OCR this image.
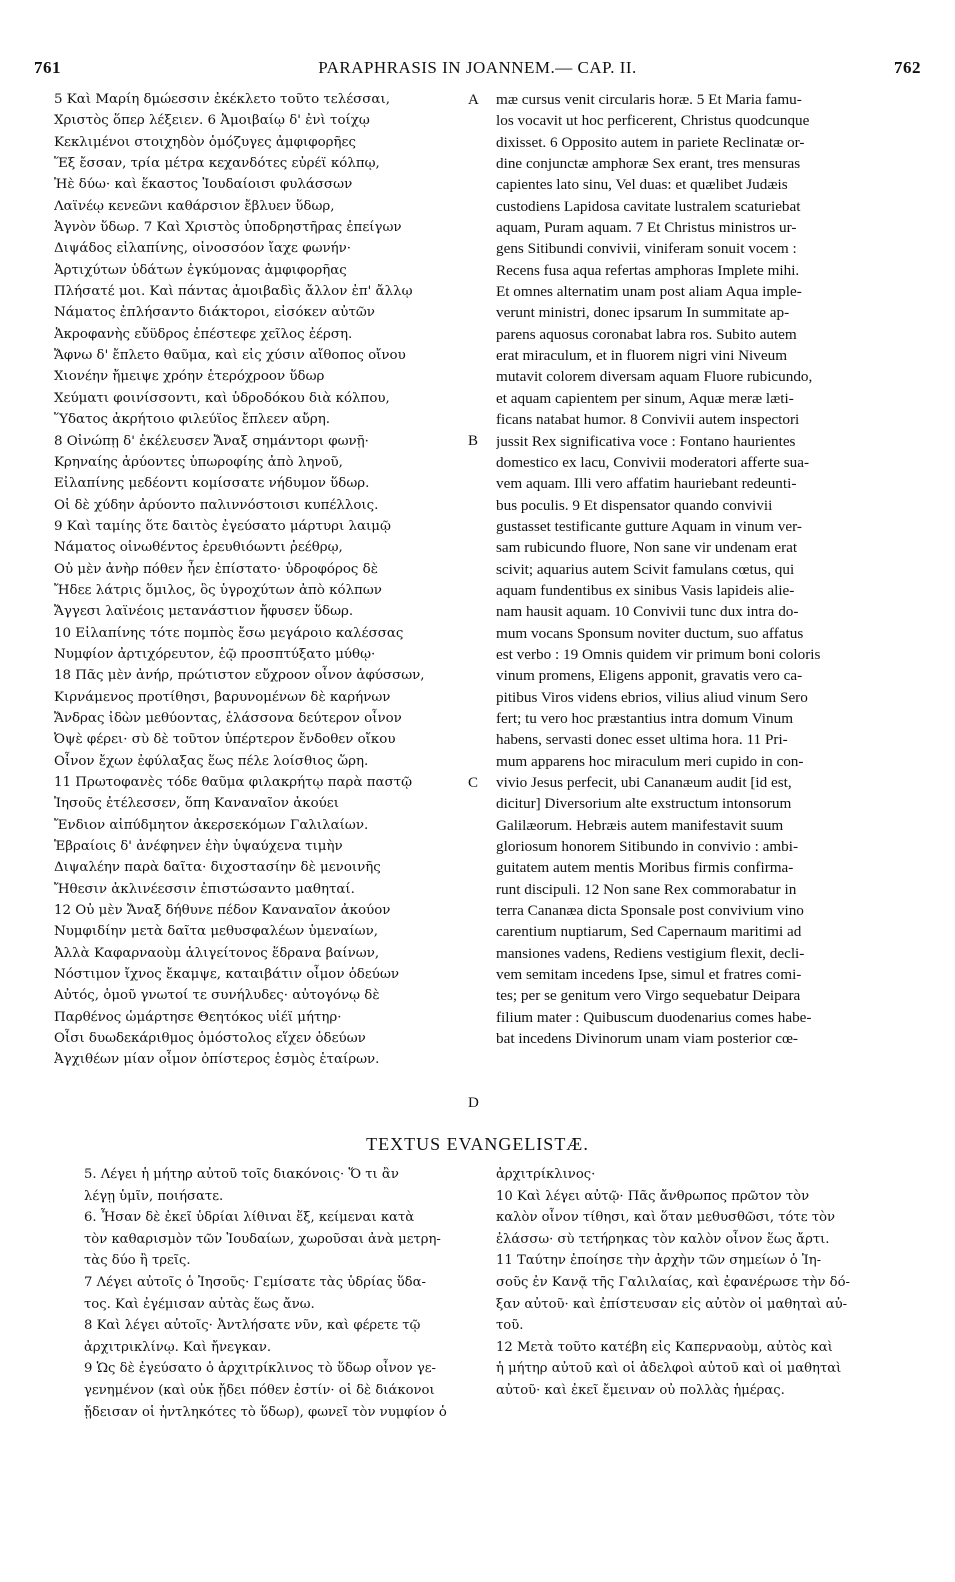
761	PARAPHRASIS IN JOANNEM.— CAP. II.	762
5 Καὶ Μαρίη δμώεσσιν ἐκέκλετο τοῦτο τελέσσαι,
Χριστὸς ὅπερ λέξειεν. 6 Ἀμοιβαίῳ δ' ἐνὶ τοίχῳ
Κεκλιμένοι στοιχηδὸν ὁμόζυγες ἀμφιφορῆες
Ἕξ ἔσσαν, τρία μέτρα κεχανδότες εὐρέϊ κόλπῳ,
Ἠὲ δύω· καὶ ἕκαστος Ἰουδαίοισι φυλάσσων
Λαϊνέῳ κενεῶνι καθάρσιον ἔβλυεν ὕδωρ,
Ἁγνὸν ὕδωρ. 7 Καὶ Χριστὸς ὑποδρηστῆρας ἐπείγων
Διψάδος εἰλαπίνης, οἰνοσσόον ἴαχε φωνήν·
Ἀρτιχύτων ὑδάτων ἐγκύμονας ἀμφιφορῆας
Πλήσατέ μοι. Καὶ πάντας ἀμοιβαδὶς ἄλλον ἐπ' ἄλλῳ
Νάματος ἐπλήσαντο διάκτοροι, εἰσόκεν αὐτῶν
Ἀκροφανὴς εὔϋδρος ἐπέστεφε χεῖλος ἐέρση.
Ἄφνω δ' ἔπλετο θαῦμα, καὶ εἰς χύσιν αἴθοπος οἴνου
Χιονέην ἤμειψε χρόην ἑτερόχροον ὕδωρ
Χεύματι φοινίσσοντι, καὶ ὑδροδόκου διὰ κόλπου,
Ὕδατος ἀκρήτοιο φιλεύϊος ἔπλεεν αὔρη.
8 Οἰνώπῃ δ' ἐκέλευσεν Ἄναξ σημάντορι φωνῇ·
Κρηναίης ἀρύοντες ὑπωροφίης ἀπὸ ληνοῦ,
Εἰλαπίνης μεδέοντι κομίσσατε νήδυμον ὕδωρ.
Οἱ δὲ χύδην ἀρύοντο παλιννόστοισι κυπέλλοις.
9 Καὶ ταμίης ὅτε δαιτὸς ἐγεύσατο μάρτυρι λαιμῷ
Νάματος οἰνωθέντος ἐρευθιόωντι ῥεέθρῳ,
Οὐ μὲν ἀνὴρ πόθεν ἦεν ἐπίστατο· ὑδροφόρος δὲ
Ἤδεε λάτρις ὅμιλος, ὃς ὑγροχύτων ἀπὸ κόλπων
Ἄγγεσι λαϊνέοις μετανάστιον ἤφυσεν ὕδωρ.
10 Εἰλαπίνης τότε πομπὸς ἔσω μεγάροιο καλέσσας
Νυμφίον ἀρτιχόρευτον, ἑῷ προσπτύξατο μύθῳ·
18 Πᾶς μὲν ἀνήρ, πρώτιστον εὔχροον οἶνον ἀφύσσων,
Κιρνάμενος προτίθησι, βαρυνομένων δὲ καρήνων
Ἄνδρας ἰδὼν μεθύοντας, ἐλάσσονα δεύτερον οἶνον
Ὀψὲ φέρει· σὺ δὲ τοῦτον ὑπέρτερον ἔνδοθεν οἴκου
Οἶνον ἔχων ἐφύλαξας ἕως πέλε λοίσθιος ὥρη.
11 Πρωτοφανὲς τόδε θαῦμα φιλακρήτῳ παρὰ παστῷ
Ἰησοῦς ἐτέλεσσεν, ὅπη Καναναῖον ἀκούει
Ἔνδιον αἰπύδμητον ἀκερσεκόμων Γαλιλαίων.
Ἑβραίοις δ' ἀνέφηνεν ἑὴν ὑψαύχενα τιμὴν
Διψαλέην παρὰ δαῖτα· διχοστασίην δὲ μενοινῆς
Ἤθεσιν ἀκλινέεσσιν ἐπιστώσαντο μαθηταί.
12 Οὐ μὲν Ἄναξ δήθυνε πέδον Καναναῖον ἀκούον
Νυμφιδίην μετὰ δαῖτα μεθυσφαλέων ὑμεναίων,
Ἀλλὰ Καφαρναοὺμ ἁλιγείτονος ἕδρανα βαίνων,
Νόστιμον ἴχνος ἔκαμψε, καταιβάτιν οἶμον ὁδεύων
Αὐτός, ὁμοῦ γνωτοί τε συνήλυδες· αὐτογόνῳ δὲ
Παρθένος ὡμάρτησε Θεητόκος υἱέϊ μήτηρ·
Οἷσι δυωδεκάριθμος ὁμόστολος εἵχεν ὁδεύων
Ἀγχιθέων μίαν οἶμον ὀπίστερος ἑσμὸς ἑταίρων.
A
B
C
D
mæ cursus venit circularis horæ. 5 Et Maria famu-
los vocavit ut hoc perficerent, Christus quodcunque
dixisset. 6 Opposito autem in pariete Reclinatæ or-
dine conjunctæ amphoræ Sex erant, tres mensuras
capientes lato sinu, Vel duas: et quælibet Judæis
custodiens Lapidosa cavitate lustralem scaturiebat
aquam, Puram aquam. 7 Et Christus ministros ur-
gens Sitibundi convivii, viniferam sonuit vocem :
Recens fusa aqua refertas amphoras Implete mihi.
Et omnes alternatim unam post aliam Aqua imple-
verunt ministri, donec ipsarum In summitate ap-
parens aquosus coronabat labra ros. Subito autem
erat miraculum, et in fluorem nigri vini Niveum
mutavit colorem diversam aquam Fluore rubicundo,
et aquam capientem per sinum, Aquæ meræ læti-
ficans natabat humor. 8 Convivii autem inspectori
jussit Rex significativa voce : Fontano haurientes
domestico ex lacu, Convivii moderatori afferte sua-
vem aquam. Illi vero affatim hauriebant redeunti-
bus poculis. 9 Et dispensator quando convivii
gustasset testificante gutture Aquam in vinum ver-
sam rubicundo fluore, Non sane vir undenam erat
scivit; aquarius autem Scivit famulans cœtus, qui
aquam fundentibus ex sinibus Vasis lapideis alie-
nam hausit aquam. 10 Convivii tunc dux intra do-
mum vocans Sponsum noviter ductum, suo affatus
est verbo : 19 Omnis quidem vir primum boni coloris
vinum promens, Eligens apponit, gravatis vero ca-
pitibus Viros videns ebrios, vilius aliud vinum Sero
fert; tu vero hoc præstantius intra domum Vinum
habens, servasti donec esset ultima hora. 11 Pri-
mum apparens hoc miraculum meri cupido in con-
vivio Jesus perfecit, ubi Cananæum audit [id est,
dicitur] Diversorium alte exstructum intonsorum
Galilæorum. Hebræis autem manifestavit suum
gloriosum honorem Sitibundo in convivio : ambi-
guitatem autem mentis Moribus firmis confirma-
runt discipuli. 12 Non sane Rex commorabatur in
terra Cananæa dicta Sponsale post convivium vino
carentium nuptiarum, Sed Capernaum maritimi ad
mansiones vadens, Rediens vestigium flexit, decli-
vem semitam incedens Ipse, simul et fratres comi-
tes; per se genitum vero Virgo sequebatur Deipara
filium mater : Quibuscum duodenarius comes habe-
bat incedens Divinorum unam viam posterior cœ-
TEXTUS EVANGELISTÆ.
5. Λέγει ἡ μήτηρ αὐτοῦ τοῖς διακόνοις· Ὅ τι ἂν
λέγῃ ὑμῖν, ποιήσατε.
6. Ἦσαν δὲ ἐκεῖ ὑδρίαι λίθιναι ἕξ, κείμεναι κατὰ
τὸν καθαρισμὸν τῶν Ἰουδαίων, χωροῦσαι ἀνὰ μετρη-
τὰς δύο ἢ τρεῖς.
7 Λέγει αὐτοῖς ὁ Ἰησοῦς· Γεμίσατε τὰς ὑδρίας ὕδα-
τος. Καὶ ἐγέμισαν αὐτὰς ἕως ἄνω.
8 Καὶ λέγει αὐτοῖς· Ἀντλήσατε νῦν, καὶ φέρετε τῷ
ἀρχιτρικλίνῳ. Καὶ ἤνεγκαν.
9 Ὡς δὲ ἐγεύσατο ὁ ἀρχιτρίκλινος τὸ ὕδωρ οἶνον γε-
γενημένον (καὶ οὐκ ᾔδει πόθεν ἐστίν· οἱ δὲ διάκονοι
ᾔδεισαν οἱ ἠντληκότες τὸ ὕδωρ), φωνεῖ τὸν νυμφίον ὁ
ἀρχιτρίκλινος·
10 Καὶ λέγει αὐτῷ· Πᾶς ἄνθρωπος πρῶτον τὸν
καλὸν οἶνον τίθησι, καὶ ὅταν μεθυσθῶσι, τότε τὸν
ἐλάσσω· σὺ τετήρηκας τὸν καλὸν οἶνον ἕως ἄρτι.
11 Ταύτην ἐποίησε τὴν ἀρχὴν τῶν σημείων ὁ Ἰη-
σοῦς ἐν Κανᾷ τῆς Γαλιλαίας, καὶ ἐφανέρωσε τὴν δό-
ξαν αὐτοῦ· καὶ ἐπίστευσαν εἰς αὐτὸν οἱ μαθηταὶ αὐ-
τοῦ.
12 Μετὰ τοῦτο κατέβη εἰς Καπερναοὺμ, αὐτὸς καὶ
ἡ μήτηρ αὐτοῦ καὶ οἱ ἀδελφοὶ αὐτοῦ καὶ οἱ μαθηταὶ
αὐτοῦ· καὶ ἐκεῖ ἔμειναν οὐ πολλὰς ἡμέρας.
